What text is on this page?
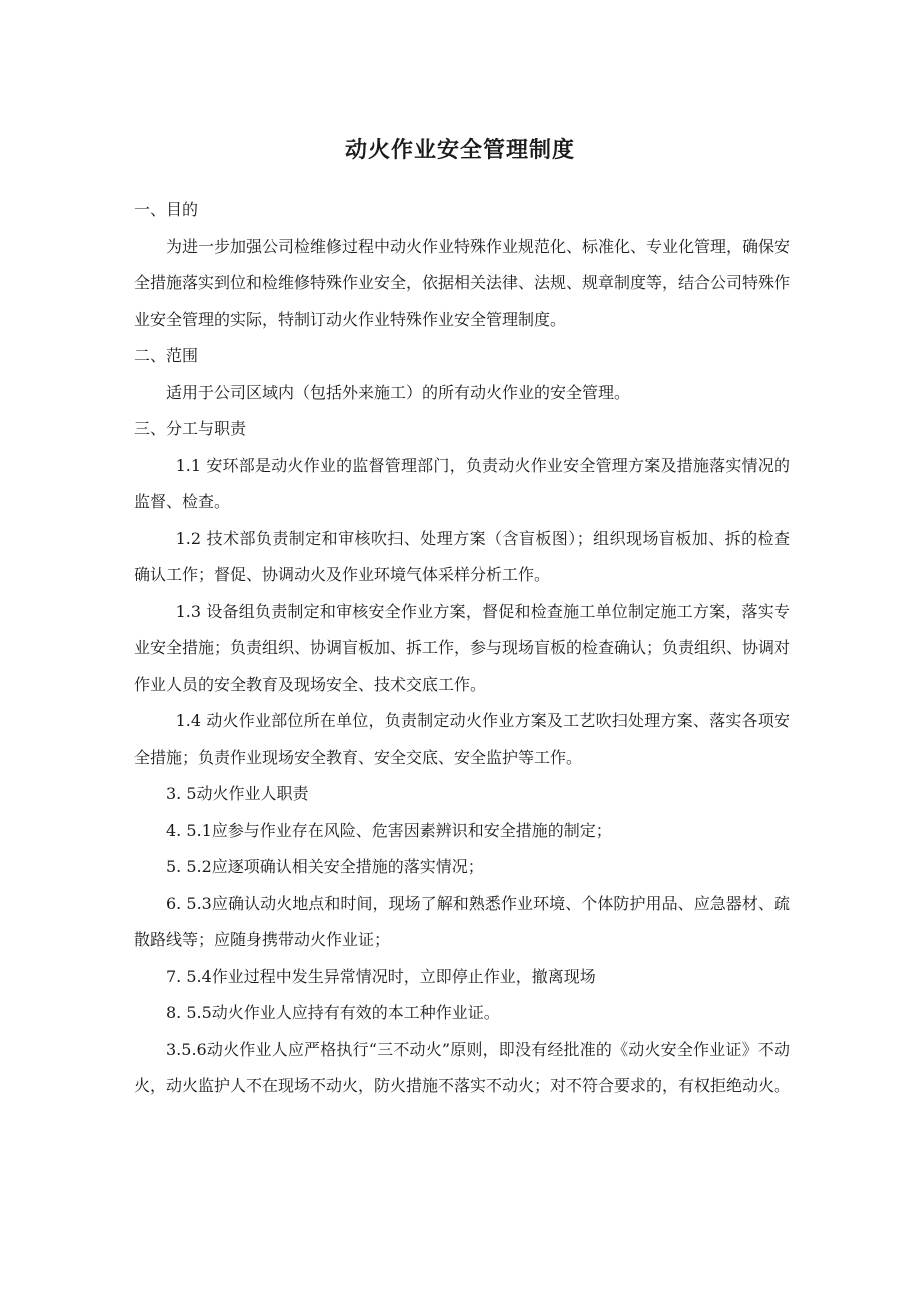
动火作业安全管理制度

一、目的

为进一步加强公司检维修过程中动火作业特殊作业规范化、标准化、专业化管理，确保安全措施落实到位和检维修特殊作业安全，依据相关法律、法规、规章制度等，结合公司特殊作业安全管理的实际，特制订动火作业特殊作业安全管理制度。

二、范围

适用于公司区域内（包括外来施工）的所有动火作业的安全管理。

三、分工与职责

1.1 安环部是动火作业的监督管理部门，负责动火作业安全管理方案及措施落实情况的监督、检查。

1.2 技术部负责制定和审核吹扫、处理方案（含盲板图）；组织现场盲板加、拆的检查确认工作；督促、协调动火及作业环境气体采样分析工作。

1.3 设备组负责制定和审核安全作业方案，督促和检查施工单位制定施工方案，落实专业安全措施；负责组织、协调盲板加、拆工作，参与现场盲板的检查确认；负责组织、协调对作业人员的安全教育及现场安全、技术交底工作。

1.4 动火作业部位所在单位，负责制定动火作业方案及工艺吹扫处理方案、落实各项安全措施；负责作业现场安全教育、安全交底、安全监护等工作。

3. 5动火作业人职责

4. 5.1应参与作业存在风险、危害因素辨识和安全措施的制定；

5. 5.2应逐项确认相关安全措施的落实情况；

6. 5.3应确认动火地点和时间，现场了解和熟悉作业环境、个体防护用品、应急器材、疏散路线等；应随身携带动火作业证；

7. 5.4作业过程中发生异常情况时，立即停止作业，撤离现场

8. 5.5动火作业人应持有有效的本工种作业证。

3.5.6动火作业人应严格执行“三不动火”原则，即没有经批准的《动火安全作业证》不动火，动火监护人不在现场不动火，防火措施不落实不动火；对不符合要求的，有权拒绝动火。
